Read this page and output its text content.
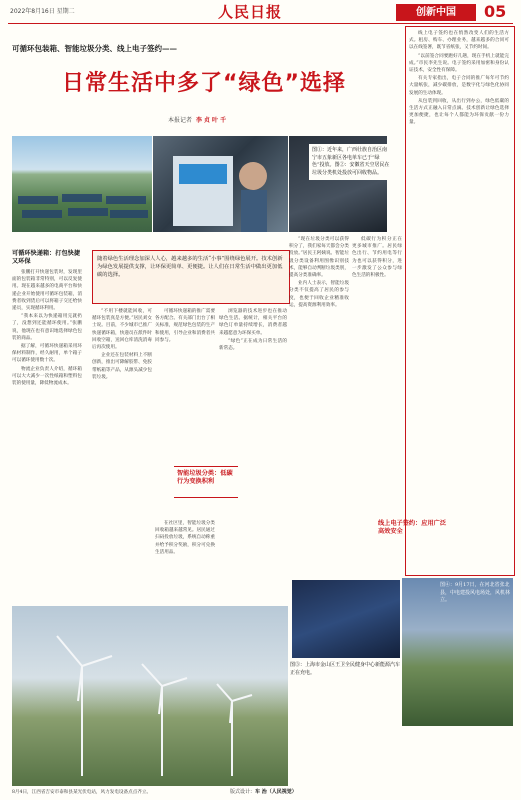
2022年8月16日 星期二	人民日报	创新中国	05
可循环包装箱、智能垃圾分类、线上电子签约——
日常生活中多了“绿色”选择
本报记者 李 贞 叶 千
图①：近年来，广西壮族自治区南宁市五象新区各电单车已于“绿色”投放。图②：安徽省天空居民在垃圾分类机处投放可回收物品。
随着绿色生活理念加深人人心，越来越多的生活“小事”围绕绿色展开。技术创新为绿色发展提供支撑，让环保更简单、更便捷。让人们在日常生活中做出更加低碳的选择。
可循环快递箱：打包快捷又环保

张鹏打开快递包装时，发现里面的包装箱非常特别，可以反复使用。现在越来越多的电商平台和快递企业开始使用可循环包装箱，消费者收到货后可以将箱子交还给快递员，实现循环利用。

“我本来以为快递箱用完就扔了，没想到还能循环使用。”张鹏说，他现在也有意识地选择绿色包装的商品。

据了解，可循环快递箱采用环保材料制作，经久耐用，单个箱子可以循环使用数十次。

物流企业负责人介绍，循环箱可以大大减少一次性纸箱和塑料包装的使用量，降低物流成本。

“不用下楼就能回收，可循环包装真是方便。”居民刘女士说。目前，不少城市已推广快递循环箱，快递员在派件时回收空箱，送回仓库清洗消毒后再次使用。

企业还在包装材料上不断创新，推出可降解胶带、免胶带纸箱等产品，从源头减少包装垃圾。

可循环快递箱的推广需要各方配合。有关部门出台了相关标准，规范绿色包装的生产和使用，引导企业和消费者共同参与。

智能垃圾分类：低碳行为变换积利

在社区里，智能垃圾分类回收箱越来越常见。居民通过扫码投放垃圾，系统自动称重并给予积分奖励，积分可兑换生活用品。

浏览器的技术进步也在推动绿色生活。据统计，相关平台的绿色订单量持续增长，消费者越来越愿意为环保买单。

“绿色”正在成为日常生活的新常态。

“现在垃圾分类可以获得积分了，我们家每天都会分类投放。”居民王阿姨说。智能垃圾分类设备利用图像识别技术，能够自动判断垃圾类别，提高分类准确率。

业内人士表示，智能垃圾分类不仅提高了居民的参与度，也便于回收企业精准收运，提高资源利用效率。

低碳行为积分正在更多城市推广。居民绿色出行、节约用电等行为也可以获得积分，进一步激发了公众参与绿色生活的积极性。

线上电子签约：应用广泛高效安全

线上电子签约也在悄然改变人们的生活方式。租房、购车、办理业务，越来越多的合同可以在线签署，既节省纸张，又节约时间。

“以前签合同要跑好几趟，现在手机上就能完成。”市民李先生说。电子签约采用加密和身份认证技术，安全性有保障。

有关专家指出，电子合同的推广每年可节约大量纸张，减少碳排放，是数字化与绿色化协同发展的生动体现。

从包装到回收，从出行到办公，绿色低碳的生活方式正融入日常点滴。技术创新让绿色选择更加便捷，也让每个人都能为环保贡献一份力量。

图③：上海市金山区王卫全民健身中心新能源汽车正在充电。
图④：9月17日，在河北省张北县，中电建投风电场处，风机林立。
8月4日，江西省吉安市泰和县某光伏电站，风力发电设备点点齐立。	版式设计：车 治（人民视觉）
